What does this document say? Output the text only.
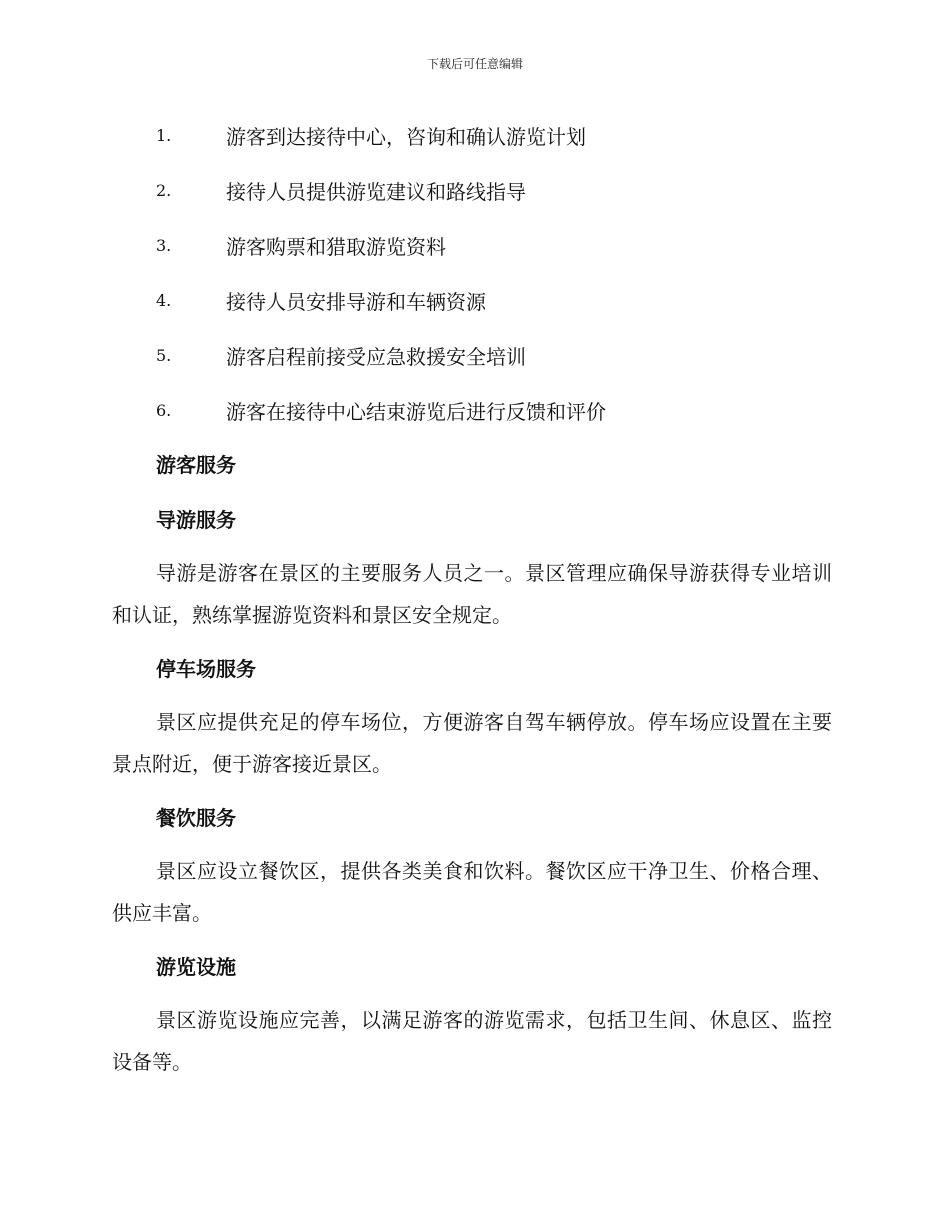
下载后可任意编辑
1.	游客到达接待中心，咨询和确认游览计划
2.	接待人员提供游览建议和路线指导
3.	游客购票和猎取游览资料
4.	接待人员安排导游和车辆资源
5.	游客启程前接受应急救援安全培训
6.	游客在接待中心结束游览后进行反馈和评价
游客服务
导游服务

导游是游客在景区的主要服务人员之一。景区管理应确保导游获得专业培训和认证，熟练掌握游览资料和景区安全规定。

停车场服务

景区应提供充足的停车场位，方便游客自驾车辆停放。停车场应设置在主要景点附近，便于游客接近景区。

餐饮服务

景区应设立餐饮区，提供各类美食和饮料。餐饮区应干净卫生、价格合理、供应丰富。

游览设施

景区游览设施应完善，以满足游客的游览需求，包括卫生间、休息区、监控设备等。
